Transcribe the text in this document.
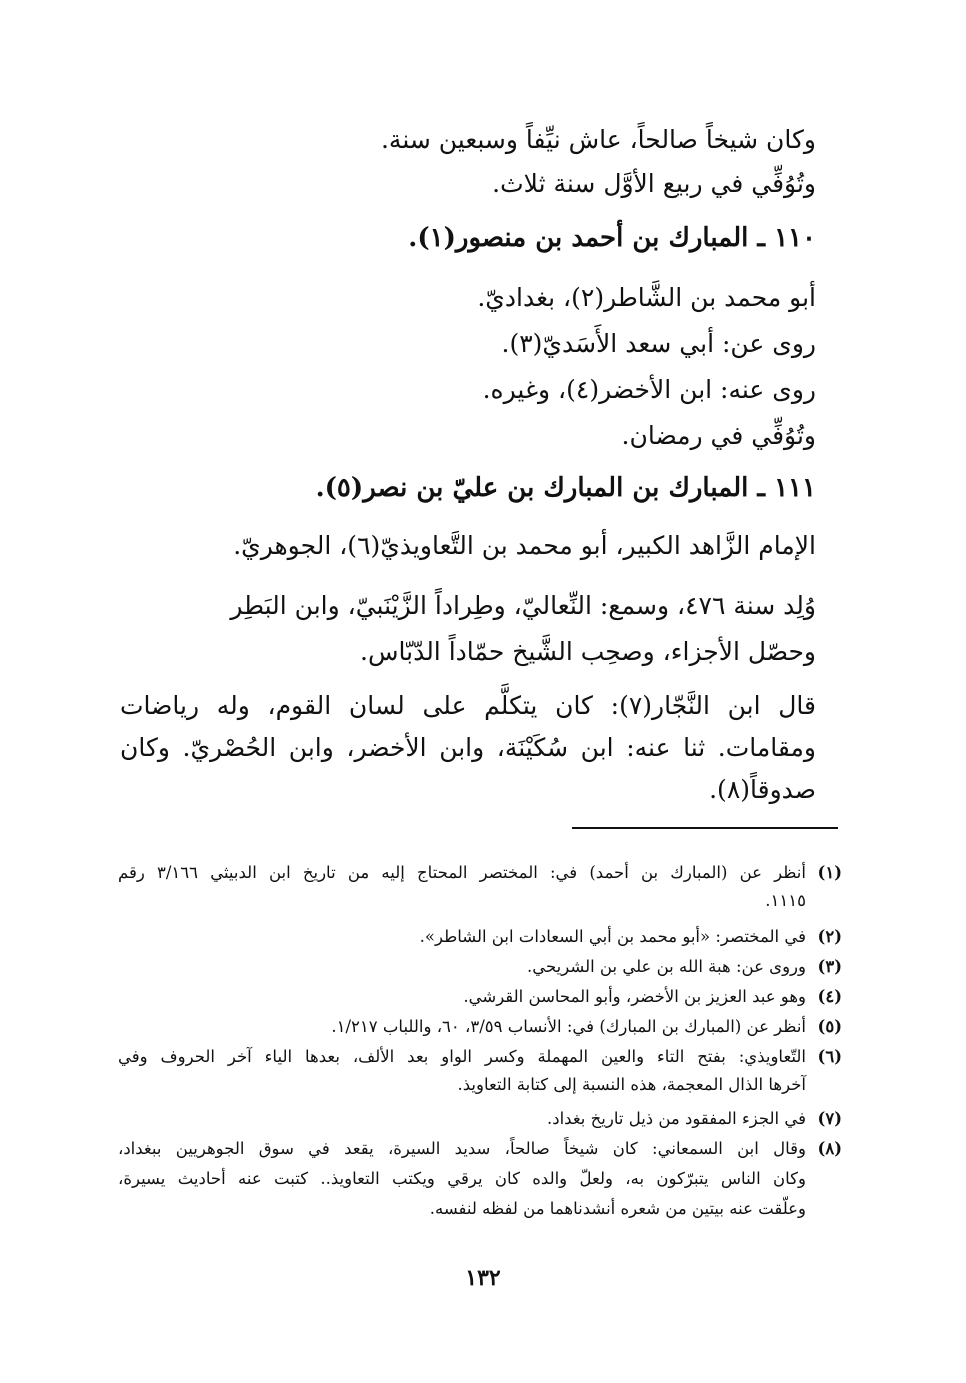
وكان شيخاً صالحاً، عاش نيِّفاً وسبعين سنة.
وتُوُفِّي في ربيع الأوَّل سنة ثلاث.
١١٠ ـ المبارك بن أحمد بن منصور(١).
أبو محمد بن الشَّاطر(٢)، بغداديّ.
روى عن: أبي سعد الأَسَديّ(٣).
روى عنه: ابن الأخضر(٤)، وغيره.
وتُوُفِّي في رمضان.
١١١ ـ المبارك بن المبارك بن عليّ بن نصر(٥).
الإمام الزَّاهد الكبير، أبو محمد بن التَّعاويذيّ(٦)، الجوهريّ.
وُلِد سنة ٤٧٦، وسمع: النِّعاليّ، وطِراداً الزَّيْنَبيّ، وابن البَطِر
وحصّل الأجزاء، وصحِب الشَّيخ حمّاداً الدّبّاس.
قال ابن النَّجّار(٧): كان يتكلَّم على لسان القوم، وله رياضات
ومقامات. ثنا عنه: ابن سُكَيْنَة، وابن الأخضر، وابن الحُصْريّ. وكان
صدوقاً(٨).
(١)أنظر عن (المبارك بن أحمد) في: المختصر المحتاج إليه من تاريخ ابن الدبيثي ٣/١٦٦ رقم
١١١٥.
(٢)في المختصر: «أبو محمد بن أبي السعادات ابن الشاطر».
(٣)وروى عن: هبة الله بن علي بن الشريحي.
(٤)وهو عبد العزيز بن الأخضر، وأبو المحاسن القرشي.
(٥)أنظر عن (المبارك بن المبارك) في: الأنساب ٣/٥٩، ٦٠، واللباب ١/٢١٧.
(٦)التّعاويذي: بفتح التاء والعين المهملة وكسر الواو بعد الألف، بعدها الياء آخر الحروف وفي
آخرها الذال المعجمة، هذه النسبة إلى كتابة التعاويذ.
(٧)في الجزء المفقود من ذيل تاريخ بغداد.
(٨)وقال ابن السمعاني: كان شيخاً صالحاً، سديد السيرة، يقعد في سوق الجوهريين ببغداد،
وكان الناس يتبرّكون به، ولعلّ والده كان يرقي ويكتب التعاويذ.. كتبت عنه أحاديث يسيرة،
وعلّقت عنه بيتين من شعره أنشدناهما من لفظه لنفسه.
١٣٢
